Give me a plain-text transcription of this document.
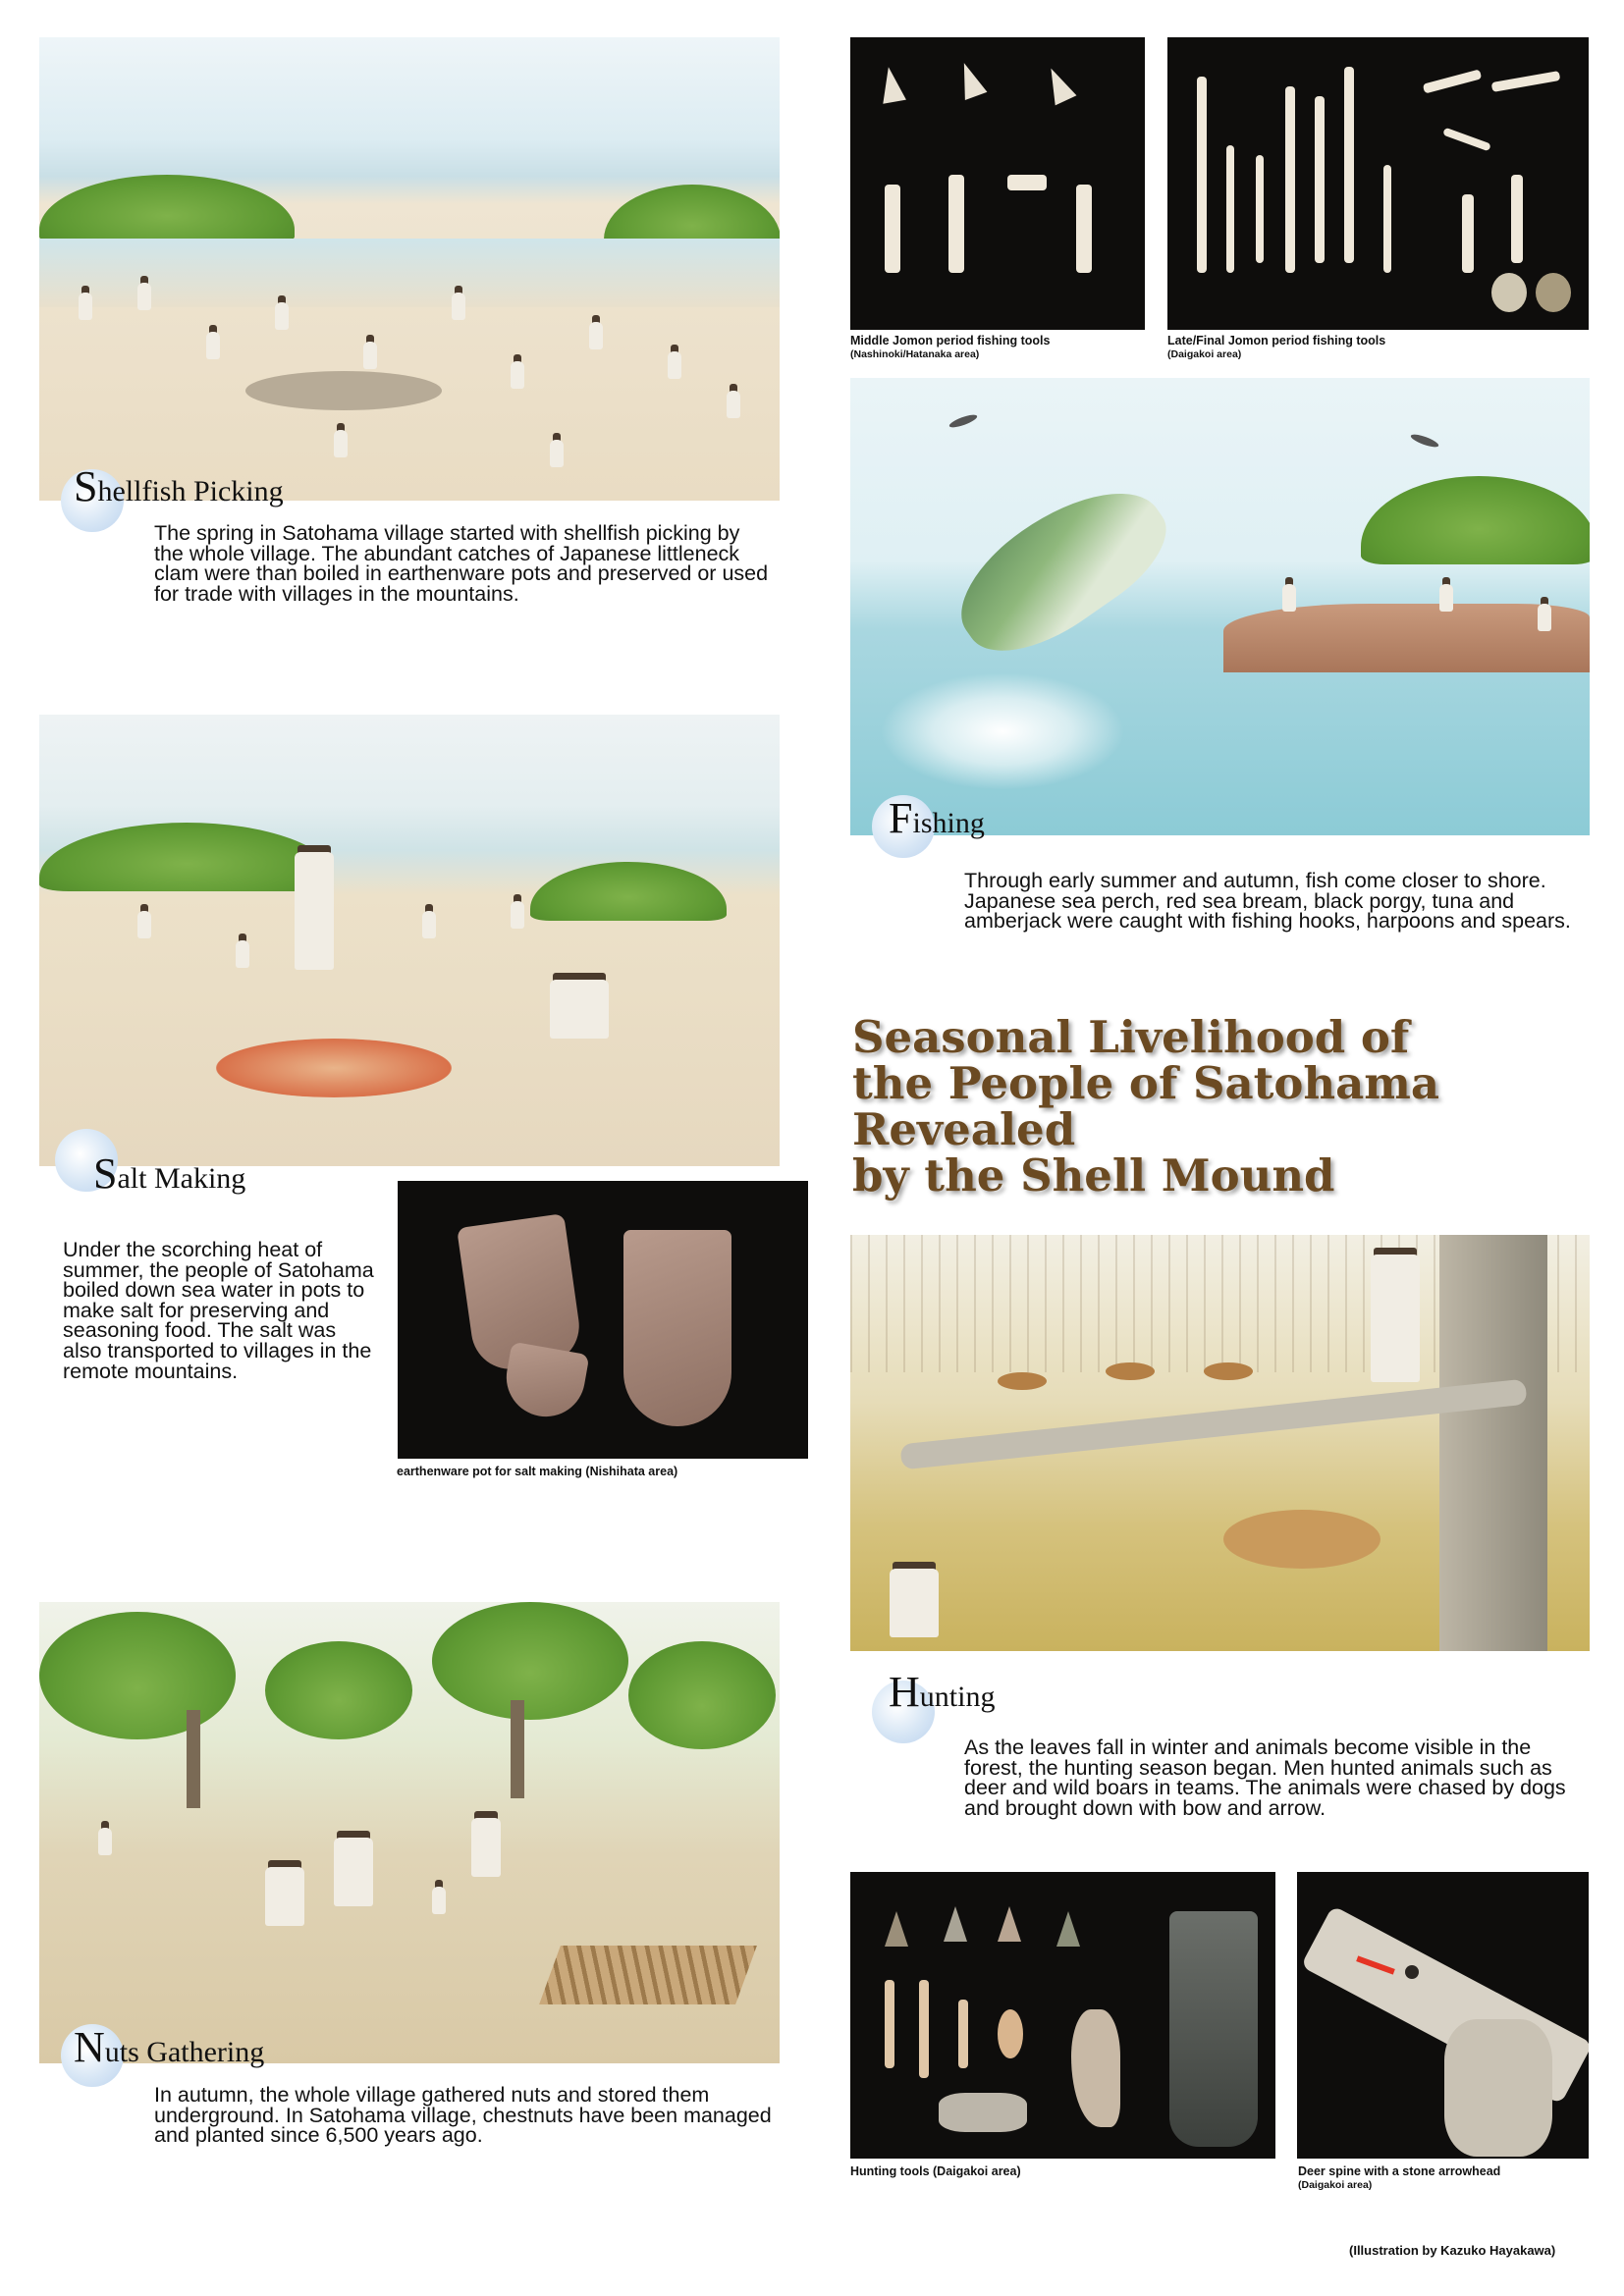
Shellfish Picking
The spring in Satohama village started with shellfish picking by the whole village. The abundant catches of Japanese littleneck clam were than boiled in earthenware pots and preserved or used for trade with villages in the mountains.
Salt Making
Under the scorching heat of summer, the people of Satohama boiled down sea water in pots to make salt for preserving and seasoning food. The salt was also transported to villages in the remote mountains.
earthenware pot for salt making (Nishihata area)
Nuts Gathering
In autumn, the whole village gathered nuts and stored them underground. In Satohama village, chestnuts have been managed and planted since 6,500 years ago.
Middle Jomon period fishing tools
(Nashinoki/Hatanaka area)
Late/Final Jomon period fishing tools
(Daigakoi area)
Fishing
Through early summer and autumn, fish come closer to shore. Japanese sea perch, red sea bream, black porgy, tuna and amberjack were caught with fishing hooks, harpoons and spears.
Seasonal Livelihood of
the People of Satohama Revealed
by the Shell Mound
Hunting
As the leaves fall in winter and animals become visible in the forest, the hunting season began. Men hunted animals such as deer and wild boars in teams. The animals were chased by dogs and brought down with bow and arrow.
Hunting tools (Daigakoi area)	Deer spine with a stone arrowhead
(Daigakoi area)
(Illustration by Kazuko Hayakawa)
